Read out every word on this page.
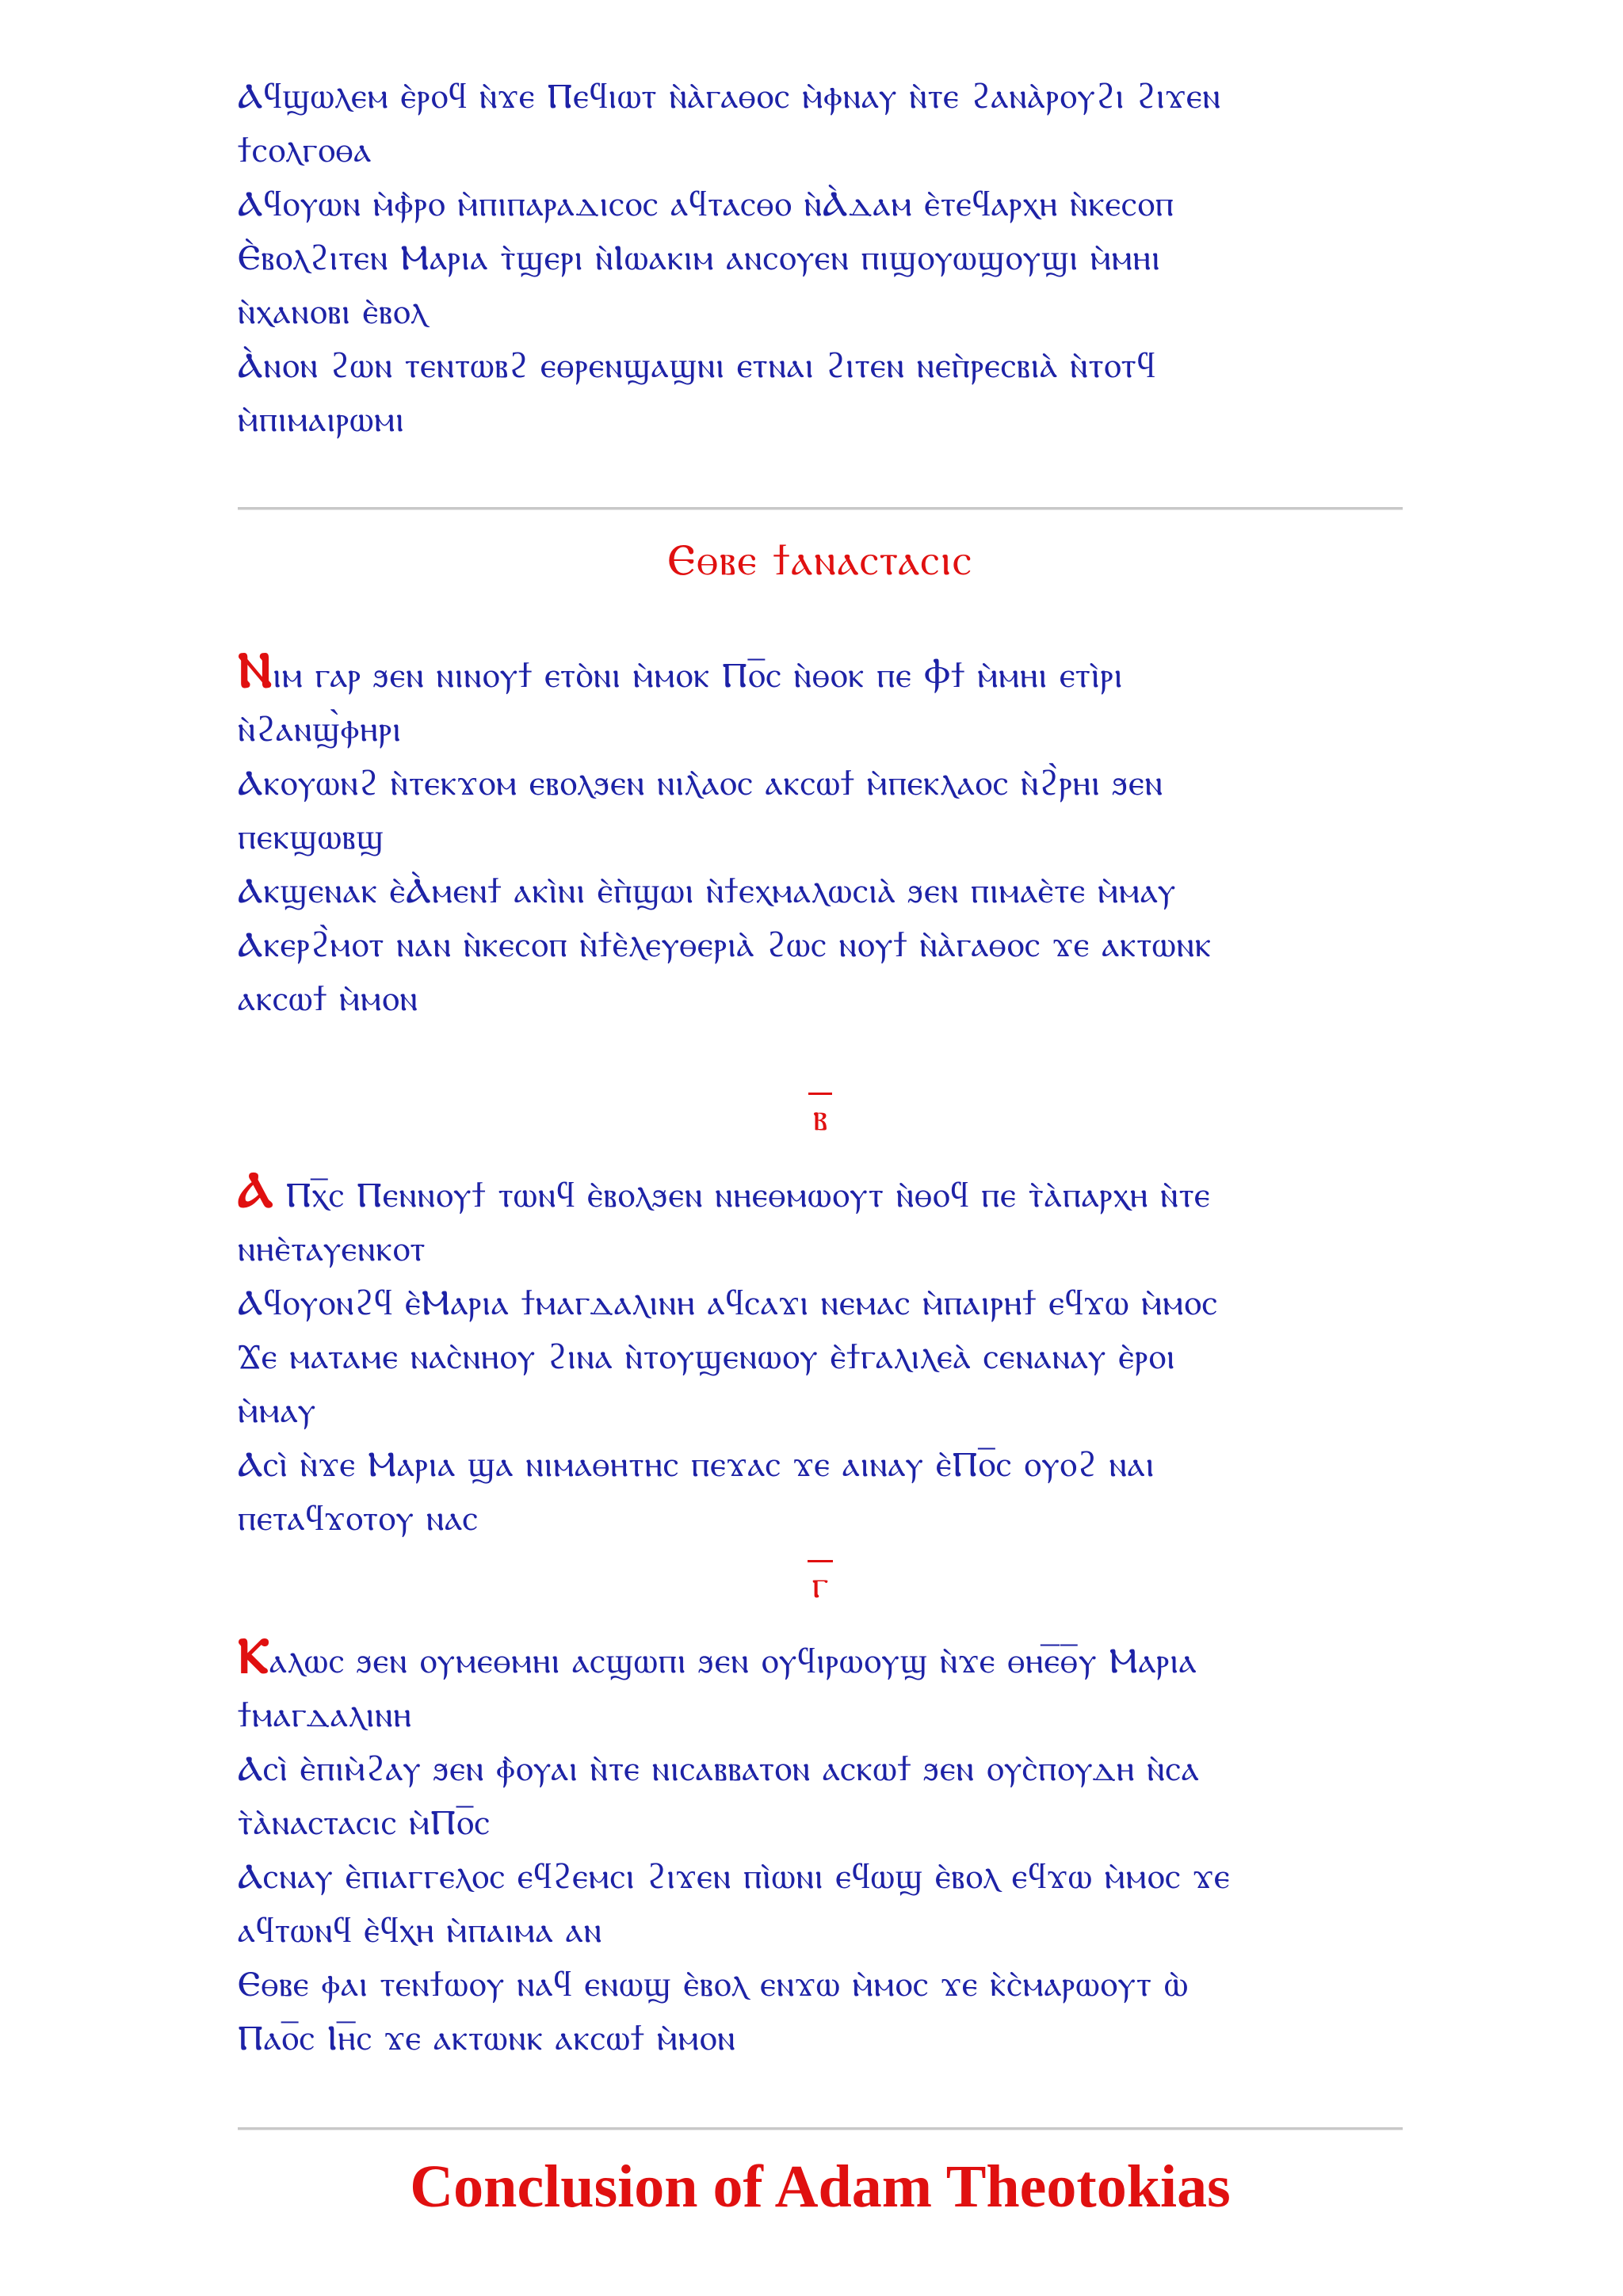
Ⲁϥϣⲱⲗⲉⲙ ⲉ̀ⲣⲟϥ ⲛ̀ϫⲉ Ⲡⲉϥⲓⲱⲧ ⲛ̀ⲁ̀ⲅⲁⲑⲟⲥ ⲙ̀ⲫⲛⲁⲩ ⲛ̀ⲧⲉ ϩⲁⲛⲁ̀ⲣⲟⲩϩⲓ ϩⲓϫⲉⲛ

ϯⲥⲟⲗⲅⲟⲑⲁ

Ⲁϥⲟⲩⲱⲛ ⲙ̀ⲫ̀ⲣⲟ ⲙ̀ⲡⲓⲡⲁⲣⲁⲇⲓⲥⲟⲥ ⲁϥⲧⲁⲥⲑⲟ ⲛ̀Ⲁ̀ⲇⲁⲙ ⲉ̀ⲧⲉϥⲁⲣⲭⲏ ⲛ̀ⲕⲉⲥⲟⲡ

Ⲉ̀ⲃⲟⲗϩⲓⲧⲉⲛ Ⲙⲁⲣⲓⲁ ⲧ̀ϣⲉⲣⲓ ⲛ̀Ⲓⲱⲁⲕⲓⲙ ⲁⲛⲥⲟⲩⲉⲛ ⲡⲓϣⲟⲩⲱϣⲟⲩϣⲓ ⲙ̀ⲙⲏⲓ

ⲛ̀ⲭⲁⲛⲟⲃⲓ ⲉ̀ⲃⲟⲗ

Ⲁ̀ⲛⲟⲛ ϩⲱⲛ ⲧⲉⲛⲧⲱⲃϩ ⲉⲑⲣⲉⲛϣⲁϣⲛⲓ ⲉⲧⲛⲁⲓ ϩⲓⲧⲉⲛ ⲛⲉⲡ̀ⲣⲉⲥⲃⲓⲁ̀ ⲛ̀ⲧⲟⲧϥ

ⲙ̀ⲡⲓⲙⲁⲓⲣⲱⲙⲓ

Ⲉⲑⲃⲉ ϯⲁⲛⲁⲥⲧⲁⲥⲓⲥ

Ⲛⲓⲙ ⲅⲁⲣ ϧⲉⲛ ⲛⲓⲛⲟⲩϯ ⲉⲧⲟ̀ⲛⲓ ⲙ̀ⲙⲟⲕ Ⲡⲟ̅ⲥ ⲛ̀ⲑⲟⲕ ⲡⲉ Ⲫϯ ⲙ̀ⲙⲏⲓ ⲉⲧⲓ̀ⲣⲓ

ⲛ̀ϩⲁⲛϣ̀ⲫⲏⲣⲓ

Ⲁⲕⲟⲩⲱⲛϩ ⲛ̀ⲧⲉⲕϫⲟⲙ ⲉⲃⲟⲗϧⲉⲛ ⲛⲓⲗ̀ⲁⲟⲥ ⲁⲕⲥⲱϯ ⲙ̀ⲡⲉⲕⲗⲁⲟⲥ ⲛ̀ϩ̀ⲣⲏⲓ ϧⲉⲛ

ⲡⲉⲕϣⲱⲃϣ

Ⲁⲕϣⲉⲛⲁⲕ ⲉ̀Ⲁ̀ⲙⲉⲛϯ ⲁⲕⲓ̀ⲛⲓ ⲉ̀ⲡ̀ϣⲱⲓ ⲛ̀ϯⲉⲭⲙⲁⲗⲱⲥⲓⲁ̀ ϧⲉⲛ ⲡⲓⲙⲁⲉ̀ⲧⲉ ⲙ̀ⲙⲁⲩ

Ⲁⲕⲉⲣϩ̀ⲙⲟⲧ ⲛⲁⲛ ⲛ̀ⲕⲉⲥⲟⲡ ⲛ̀ϯⲉ̀ⲗⲉⲩⲑⲉⲣⲓⲁ̀ ϩⲱⲥ ⲛⲟⲩϯ ⲛ̀ⲁ̀ⲅⲁⲑⲟⲥ ϫⲉ ⲁⲕⲧⲱⲛⲕ

ⲁⲕⲥⲱϯ ⲙ̀ⲙⲟⲛ

ⲃ

Ⲁ Ⲡⲭ̅ⲥ Ⲡⲉⲛⲛⲟⲩϯ ⲧⲱⲛϥ ⲉ̀ⲃⲟⲗϧⲉⲛ ⲛⲏⲉⲑⲙⲱⲟⲩⲧ ⲛ̀ⲑⲟϥ ⲡⲉ ⲧ̀ⲁ̀ⲡⲁⲣⲭⲏ ⲛ̀ⲧⲉ

ⲛⲏⲉ̀ⲧⲁⲩⲉⲛⲕⲟⲧ

Ⲁϥⲟⲩⲟⲛϩϥ ⲉ̀Ⲙⲁⲣⲓⲁ ϯⲙⲁⲅⲇⲁⲗⲓⲛⲏ ⲁϥⲥⲁϫⲓ ⲛⲉⲙⲁⲥ ⲙ̀ⲡⲁⲓⲣⲏϯ ⲉϥϫⲱ ⲙ̀ⲙⲟⲥ

Ϫⲉ ⲙⲁⲧⲁⲙⲉ ⲛⲁⲥ̀ⲛⲏⲟⲩ ϩⲓⲛⲁ ⲛ̀ⲧⲟⲩϣⲉⲛⲱⲟⲩ ⲉ̀ϯⲅⲁⲗⲓⲗⲉⲁ̀ ⲥⲉⲛⲁⲛⲁⲩ ⲉ̀ⲣⲟⲓ

ⲙ̀ⲙⲁⲩ

Ⲁⲥⲓ̀ ⲛ̀ϫⲉ Ⲙⲁⲣⲓⲁ ϣⲁ ⲛⲓⲙⲁⲑⲏⲧⲏⲥ ⲡⲉϫⲁⲥ ϫⲉ ⲁⲓⲛⲁⲩ ⲉ̀Ⲡⲟ̅ⲥ ⲟⲩⲟϩ ⲛⲁⲓ

ⲡⲉⲧⲁϥϫⲟⲧⲟⲩ ⲛⲁⲥ

ⲅ

Ⲕⲁⲗⲱⲥ ϧⲉⲛ ⲟⲩⲙⲉⲑⲙⲏⲓ ⲁⲥϣⲱⲡⲓ ϧⲉⲛ ⲟⲩϥⲓⲣⲱⲟⲩϣ ⲛ̀ϫⲉ ⲑⲏⲉ̅ⲑ̅ⲩ Ⲙⲁⲣⲓⲁ

ϯⲙⲁⲅⲇⲁⲗⲓⲛⲏ

Ⲁⲥⲓ̀ ⲉ̀ⲡⲓⲙ̀ϩⲁⲩ ϧⲉⲛ ⲫ̀ⲟⲩⲁⲓ ⲛ̀ⲧⲉ ⲛⲓⲥⲁⲃⲃⲁⲧⲟⲛ ⲁⲥⲕⲱϯ ϧⲉⲛ ⲟⲩⲥ̀ⲡⲟⲩⲇⲏ ⲛ̀ⲥⲁ

ⲧ̀ⲁ̀ⲛⲁⲥⲧⲁⲥⲓⲥ ⲙ̀Ⲡⲟ̅ⲥ

Ⲁⲥⲛⲁⲩ ⲉ̀ⲡⲓⲁⲅⲅⲉⲗⲟⲥ ⲉϥϩⲉⲙⲥⲓ ϩⲓϫⲉⲛ ⲡⲓ̀ⲱⲛⲓ ⲉϥⲱϣ ⲉ̀ⲃⲟⲗ ⲉϥϫⲱ ⲙ̀ⲙⲟⲥ ϫⲉ

ⲁϥⲧⲱⲛϥ ⲉ̀ϥⲭⲏ ⲙ̀ⲡⲁⲓⲙⲁ ⲁⲛ

Ⲉⲑⲃⲉ ⲫⲁⲓ ⲧⲉⲛϯⲱⲟⲩ ⲛⲁϥ ⲉⲛⲱϣ ⲉ̀ⲃⲟⲗ ⲉⲛϫⲱ ⲙ̀ⲙⲟⲥ ϫⲉ ⲕ̀ⲥ̀ⲙⲁⲣⲱⲟⲩⲧ ⲱ̀

Ⲡⲁⲟ̅ⲥ Ⲓⲏ̅ⲥ ϫⲉ ⲁⲕⲧⲱⲛⲕ ⲁⲕⲥⲱϯ ⲙ̀ⲙⲟⲛ

Conclusion of Adam Theotokias
